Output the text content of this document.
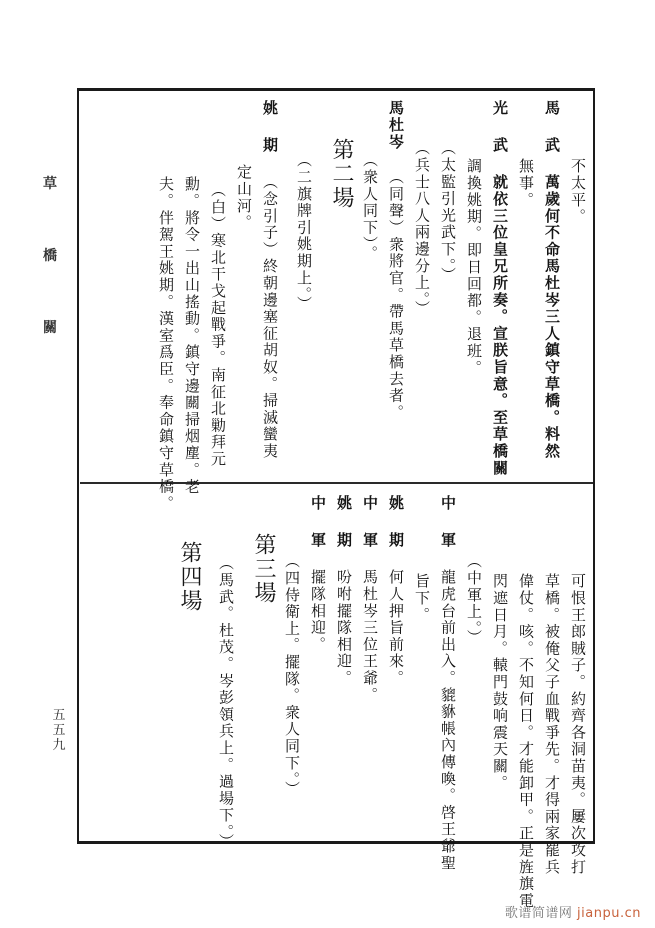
草
橋
關
五
五
九
不太平。
馬武萬歲何不命馬杜岑三人鎮守草橋。料然
無事。
光武就依三位皇兄所奏。宣朕旨意。至草橋關
調換姚期。即日回都。退班。
（太監引光武下。）
（兵士八人兩邊分上。）
馬杜岑（同聲）衆將官。帶馬草橋去者。
（衆人同下）。
第二場
（二旗牌引姚期上。）
姚期（念引子）終朝邊塞征胡奴。掃滅蠻夷
定山河。
（白）寒北干戈起戰爭。南征北勦拜元
勳。將令一出山搖動。鎮守邊關掃烟塵。老
夫。伴駕王姚期。漢室爲臣。奉命鎮守草橋。
可恨王郎賊子。約齊各洞苗夷。屢次攻打
草橋。被俺父子血戰爭先。才得兩家罷兵
偉仗。咳。不知何日。才能卸甲。正是旌旗電
閃遮日月。轅門鼓响震天關。
（中軍上。）
中軍龍虎台前出入。貔貅帳內傳喚。啓王爺聖
旨下。
姚期何人押旨前來。
中軍馬杜岑三位王爺。
姚期吩咐擺隊相迎。
中軍擺隊相迎。
（四侍衛上。擺隊。衆人同下。）
第三場
（馬武。杜茂。岑彭領兵上。過場下。）
第四場
歌谱简谱网 jianpu.cn
